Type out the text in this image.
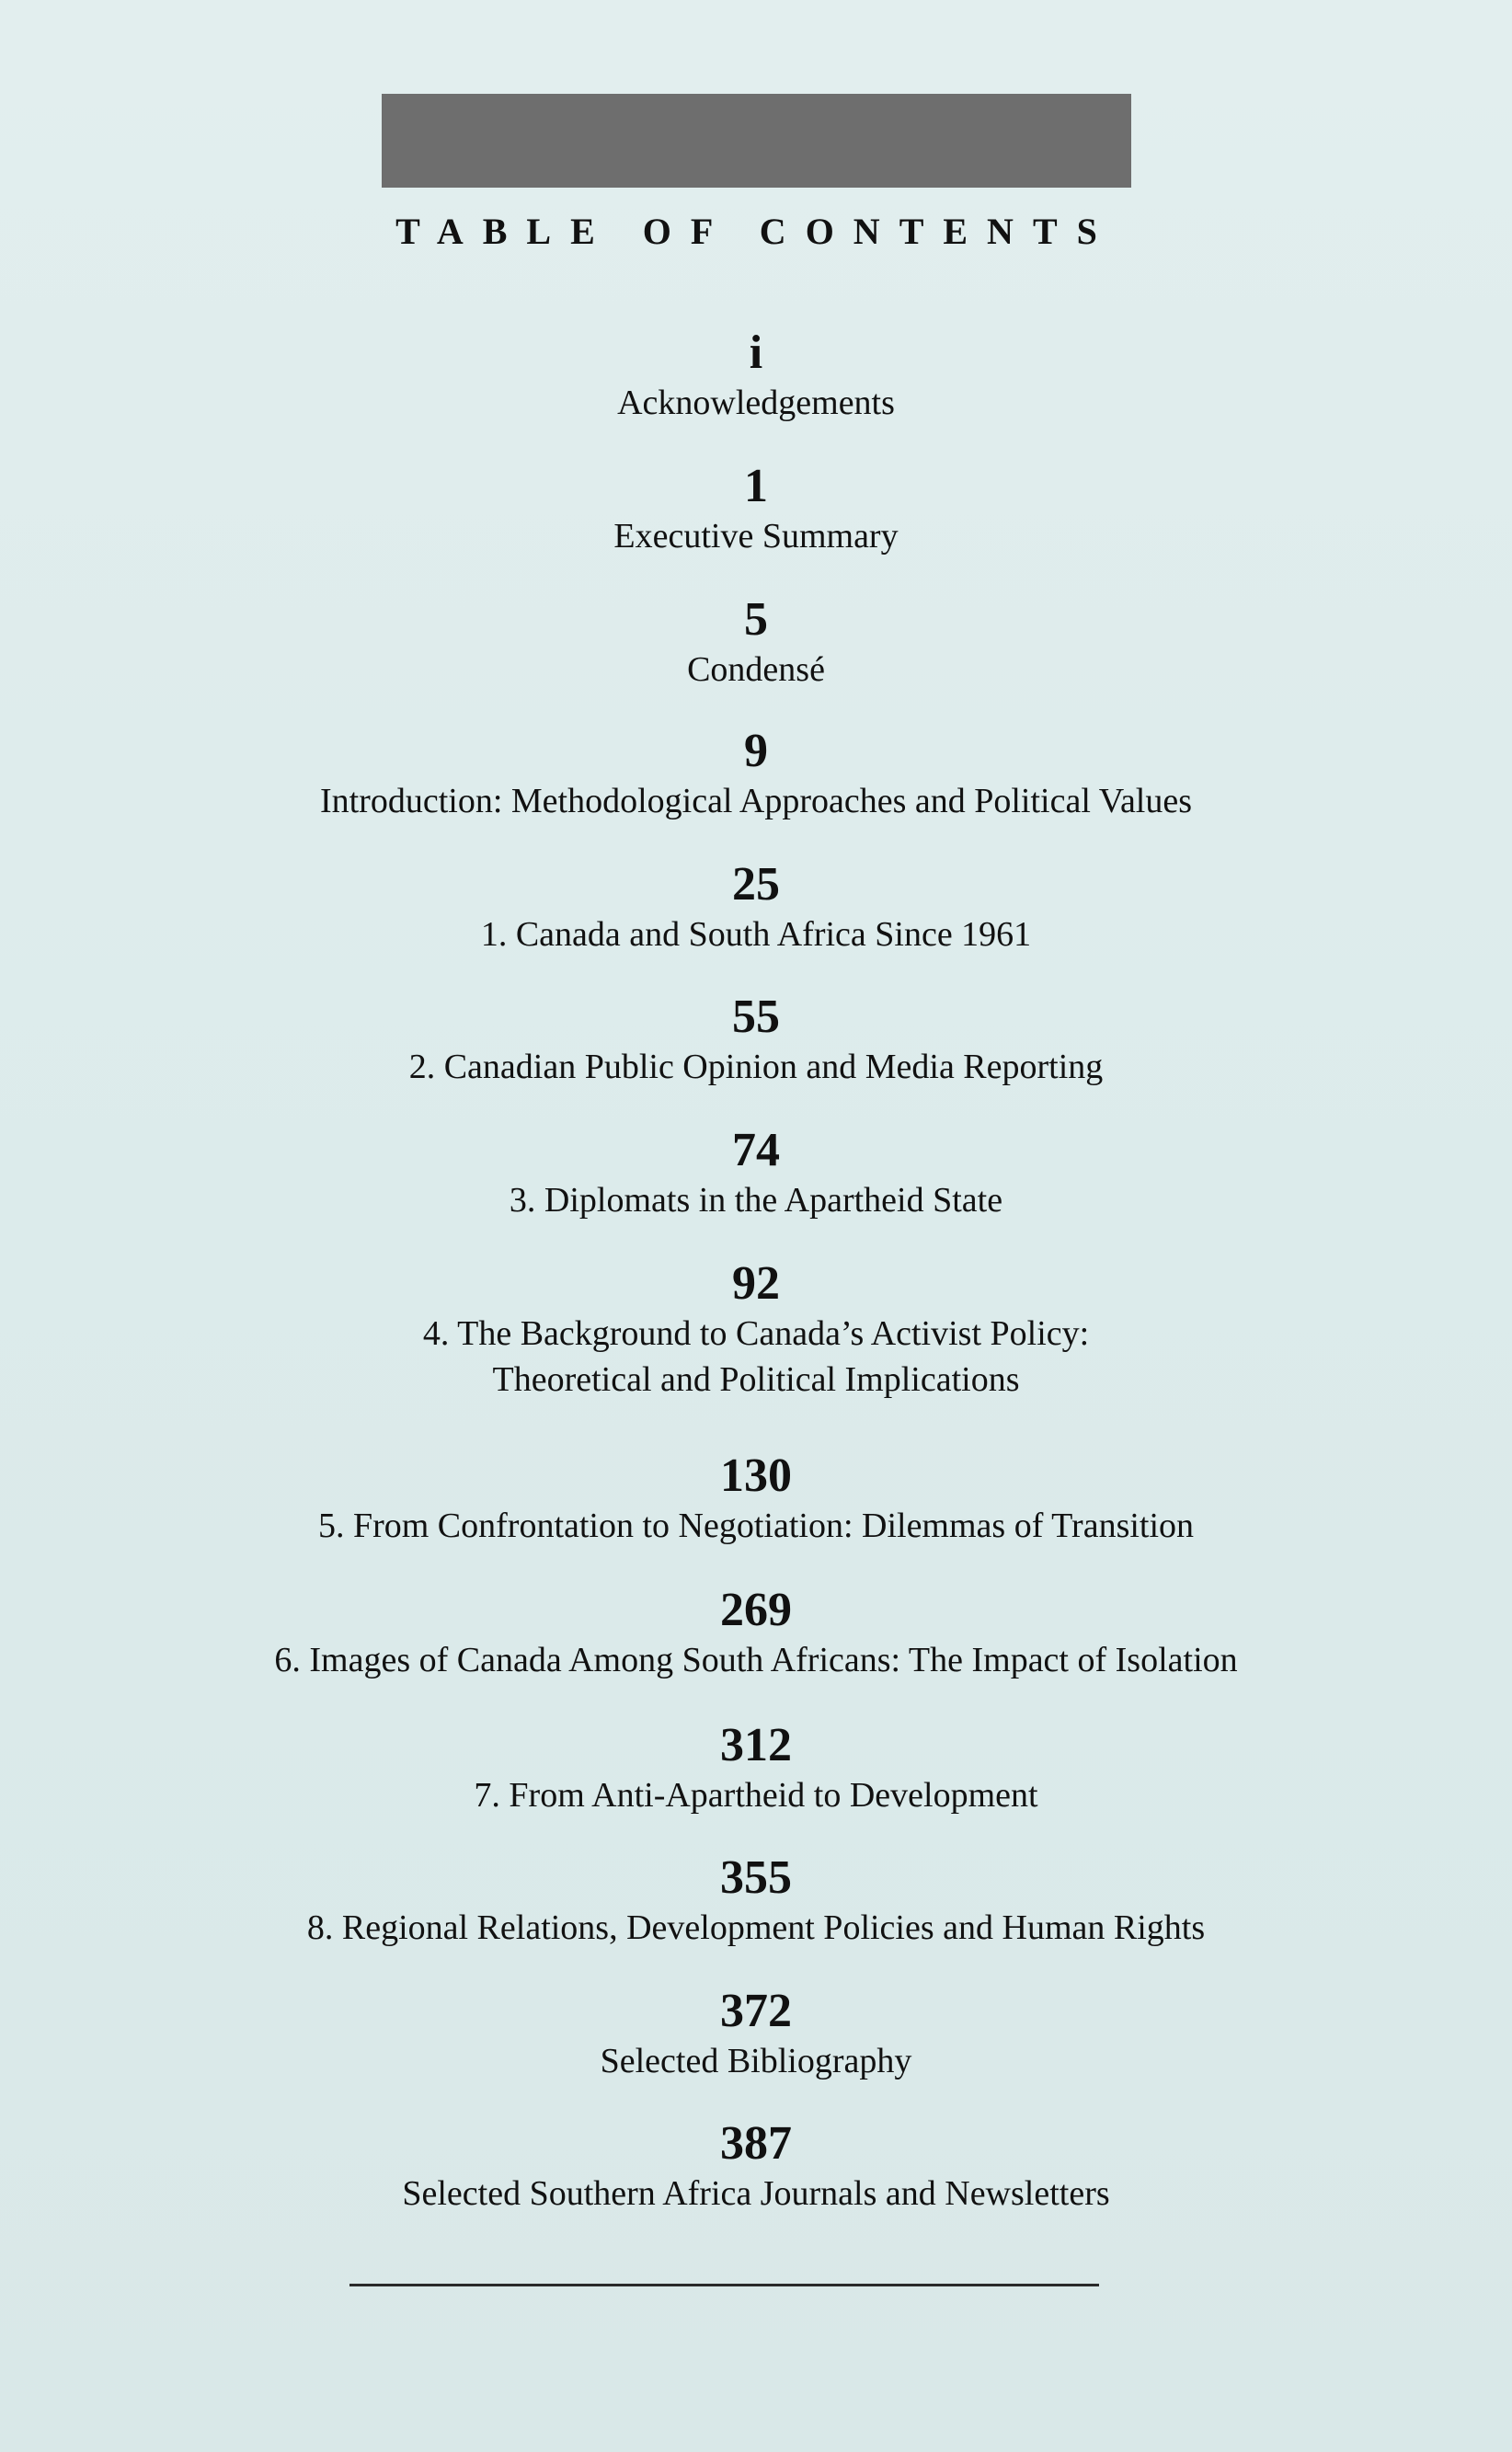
TABLE OF CONTENTS
i
Acknowledgements
1
Executive Summary
5
Condensé
9
Introduction: Methodological Approaches and Political Values
25
1. Canada and South Africa Since 1961
55
2. Canadian Public Opinion and Media Reporting
74
3. Diplomats in the Apartheid State
92
4. The Background to Canada’s Activist Policy:
Theoretical and Political Implications
130
5. From Confrontation to Negotiation: Dilemmas of Transition
269
6. Images of Canada Among South Africans: The Impact of Isolation
312
7. From Anti-Apartheid to Development
355
8. Regional Relations, Development Policies and Human Rights
372
Selected Bibliography
387
Selected Southern Africa Journals and Newsletters
